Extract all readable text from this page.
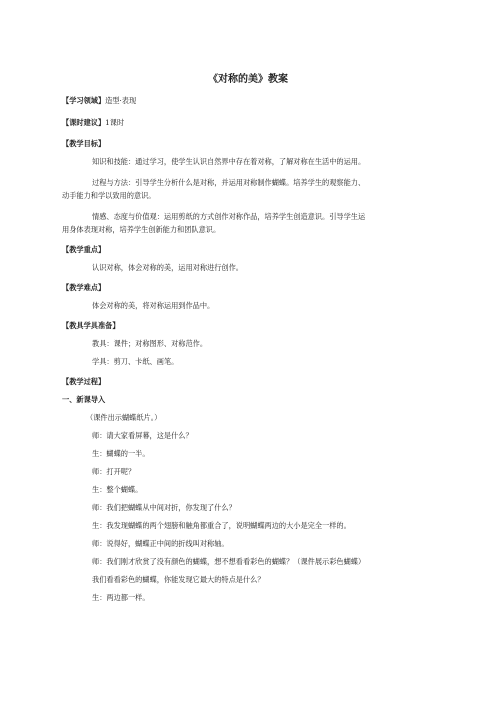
《对称的美》教案
【学习领域】造型·表现
【课时建议】1课时
【教学目标】
知识和技能：通过学习，使学生认识自然界中存在着对称，了解对称在生活中的运用。
过程与方法：引导学生分析什么是对称，并运用对称制作蝴蝶。培养学生的观察能力、
动手能力和学以致用的意识。
情感、态度与价值观：运用剪纸的方式创作对称作品，培养学生创造意识。引导学生运
用身体表现对称，培养学生创新能力和团队意识。
【教学重点】
认识对称，体会对称的美，运用对称进行创作。
【教学难点】
体会对称的美，将对称运用到作品中。
【教具学具准备】
教具：课件；对称图形、对称范作。
学具：剪刀、卡纸、画笔。
【教学过程】
一、新课导入
（课件出示蝴蝶纸片。）
师：请大家看屏幕，这是什么？
生：蝴蝶的一半。
师：打开呢？
生：整个蝴蝶。
师：我们把蝴蝶从中间对折，你发现了什么？
生：我发现蝴蝶的两个翅膀和触角都重合了，说明蝴蝶两边的大小是完全一样的。
师：说得好，蝴蝶正中间的折线叫对称轴。
师：我们刚才欣赏了没有颜色的蝴蝶，想不想看看彩色的蝴蝶？（课件展示彩色蝴蝶）
我们看看彩色的蝴蝶，你能发现它最大的特点是什么？
生：两边都一样。
